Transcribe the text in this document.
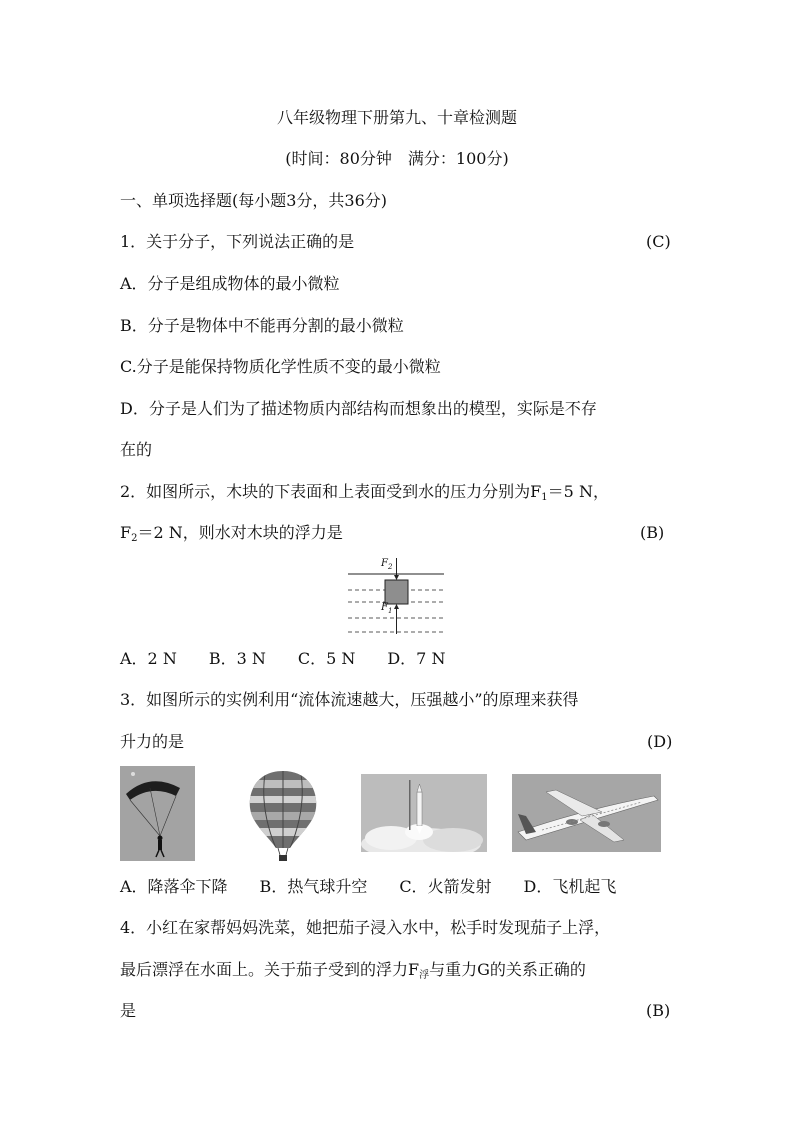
八年级物理下册第九、十章检测题
(时间：80分钟　满分：100分)
一、单项选择题(每小题3分，共36分)
1．关于分子，下列说法正确的是	(C)
A．分子是组成物体的最小微粒
B．分子是物体中不能再分割的最小微粒
C.分子是能保持物质化学性质不变的最小微粒
D．分子是人们为了描述物质内部结构而想象出的模型，实际是不存
在的
2．如图所示，木块的下表面和上表面受到水的压力分别为$F_1=5$ N，
$F_2=2$ N，则水对木块的浮力是	(B)
$F_2$
$F_1$
A．2 N　　B．3 N　　C．5 N　　D．7 N
3．如图所示的实例利用“流体流速越大，压强越小”的原理来获得
升力的是	(D)
A．降落伞下降　　B．热气球升空　　C．火箭发射　　D．飞机起飞
4．小红在家帮妈妈洗菜，她把茄子浸入水中，松手时发现茄子上浮，
最后漂浮在水面上。关于茄子受到的浮力$F_浮$与重力G的关系正确的
是	(B)
